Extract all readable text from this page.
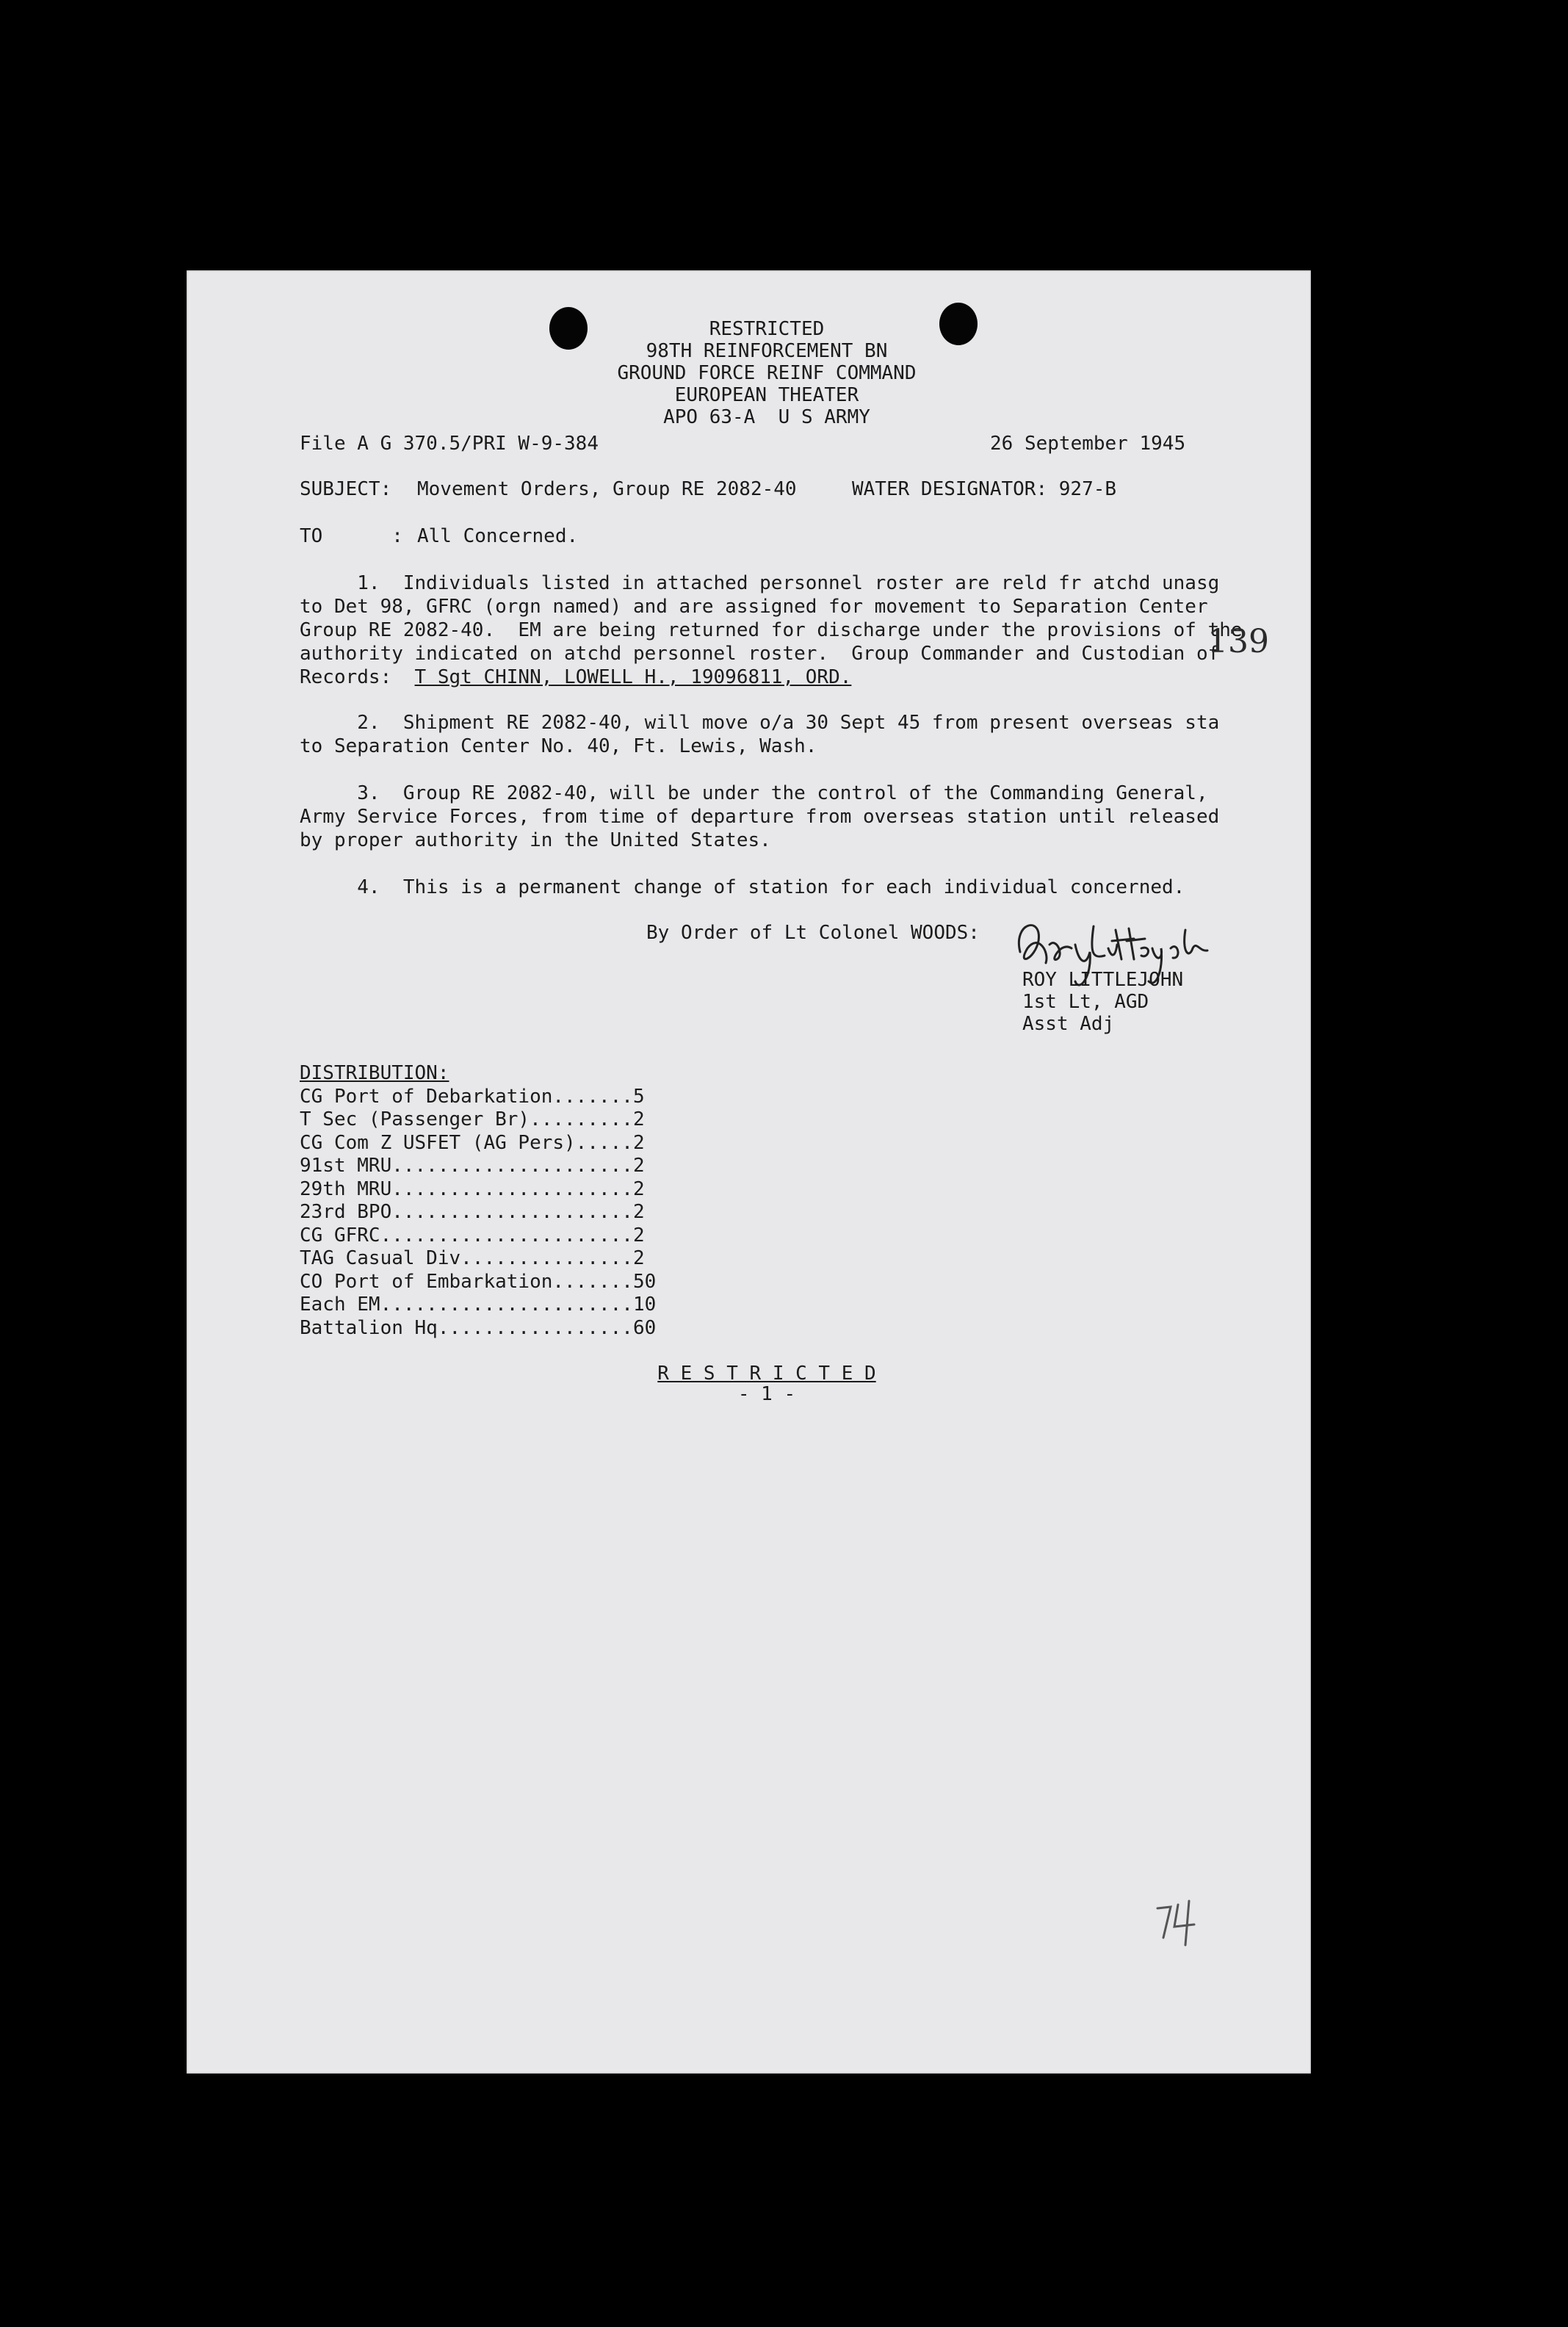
RESTRICTED
98TH REINFORCEMENT BN
GROUND FORCE REINF COMMAND
EUROPEAN THEATER
APO 63-A  U S ARMY
File A G 370.5/PRI W-9-384	26 September 1945
SUBJECT: Movement Orders, Group RE 2082-40	WATER DESIGNATOR: 927-B
TO      : All Concerned.
1.  Individuals listed in attached personnel roster are reld fr atchd unasg
to Det 98, GFRC (orgn named) and are assigned for movement to Separation Center
Group RE 2082-40.  EM are being returned for discharge under the provisions of the
authority indicated on atchd personnel roster.  Group Commander and Custodian of
Records: T Sgt CHINN, LOWELL H., 19096811, ORD.
139
2.  Shipment RE 2082-40, will move o/a 30 Sept 45 from present overseas sta
to Separation Center No. 40, Ft. Lewis, Wash.
3.  Group RE 2082-40, will be under the control of the Commanding General,
Army Service Forces, from time of departure from overseas station until released
by proper authority in the United States.
4.  This is a permanent change of station for each individual concerned.
By Order of Lt Colonel WOODS:
ROY LITTLEJOHN
1st Lt, AGD
Asst Adj
DISTRIBUTION:
CG Port of Debarkation.......5
T Sec (Passenger Br).........2
CG Com Z USFET (AG Pers).....2
91st MRU.....................2
29th MRU.....................2
23rd BPO.....................2
CG GFRC......................2
TAG Casual Div...............2
CO Port of Embarkation.......50
Each EM......................10
Battalion Hq.................60
R E S T R I C T E D
- 1 -
